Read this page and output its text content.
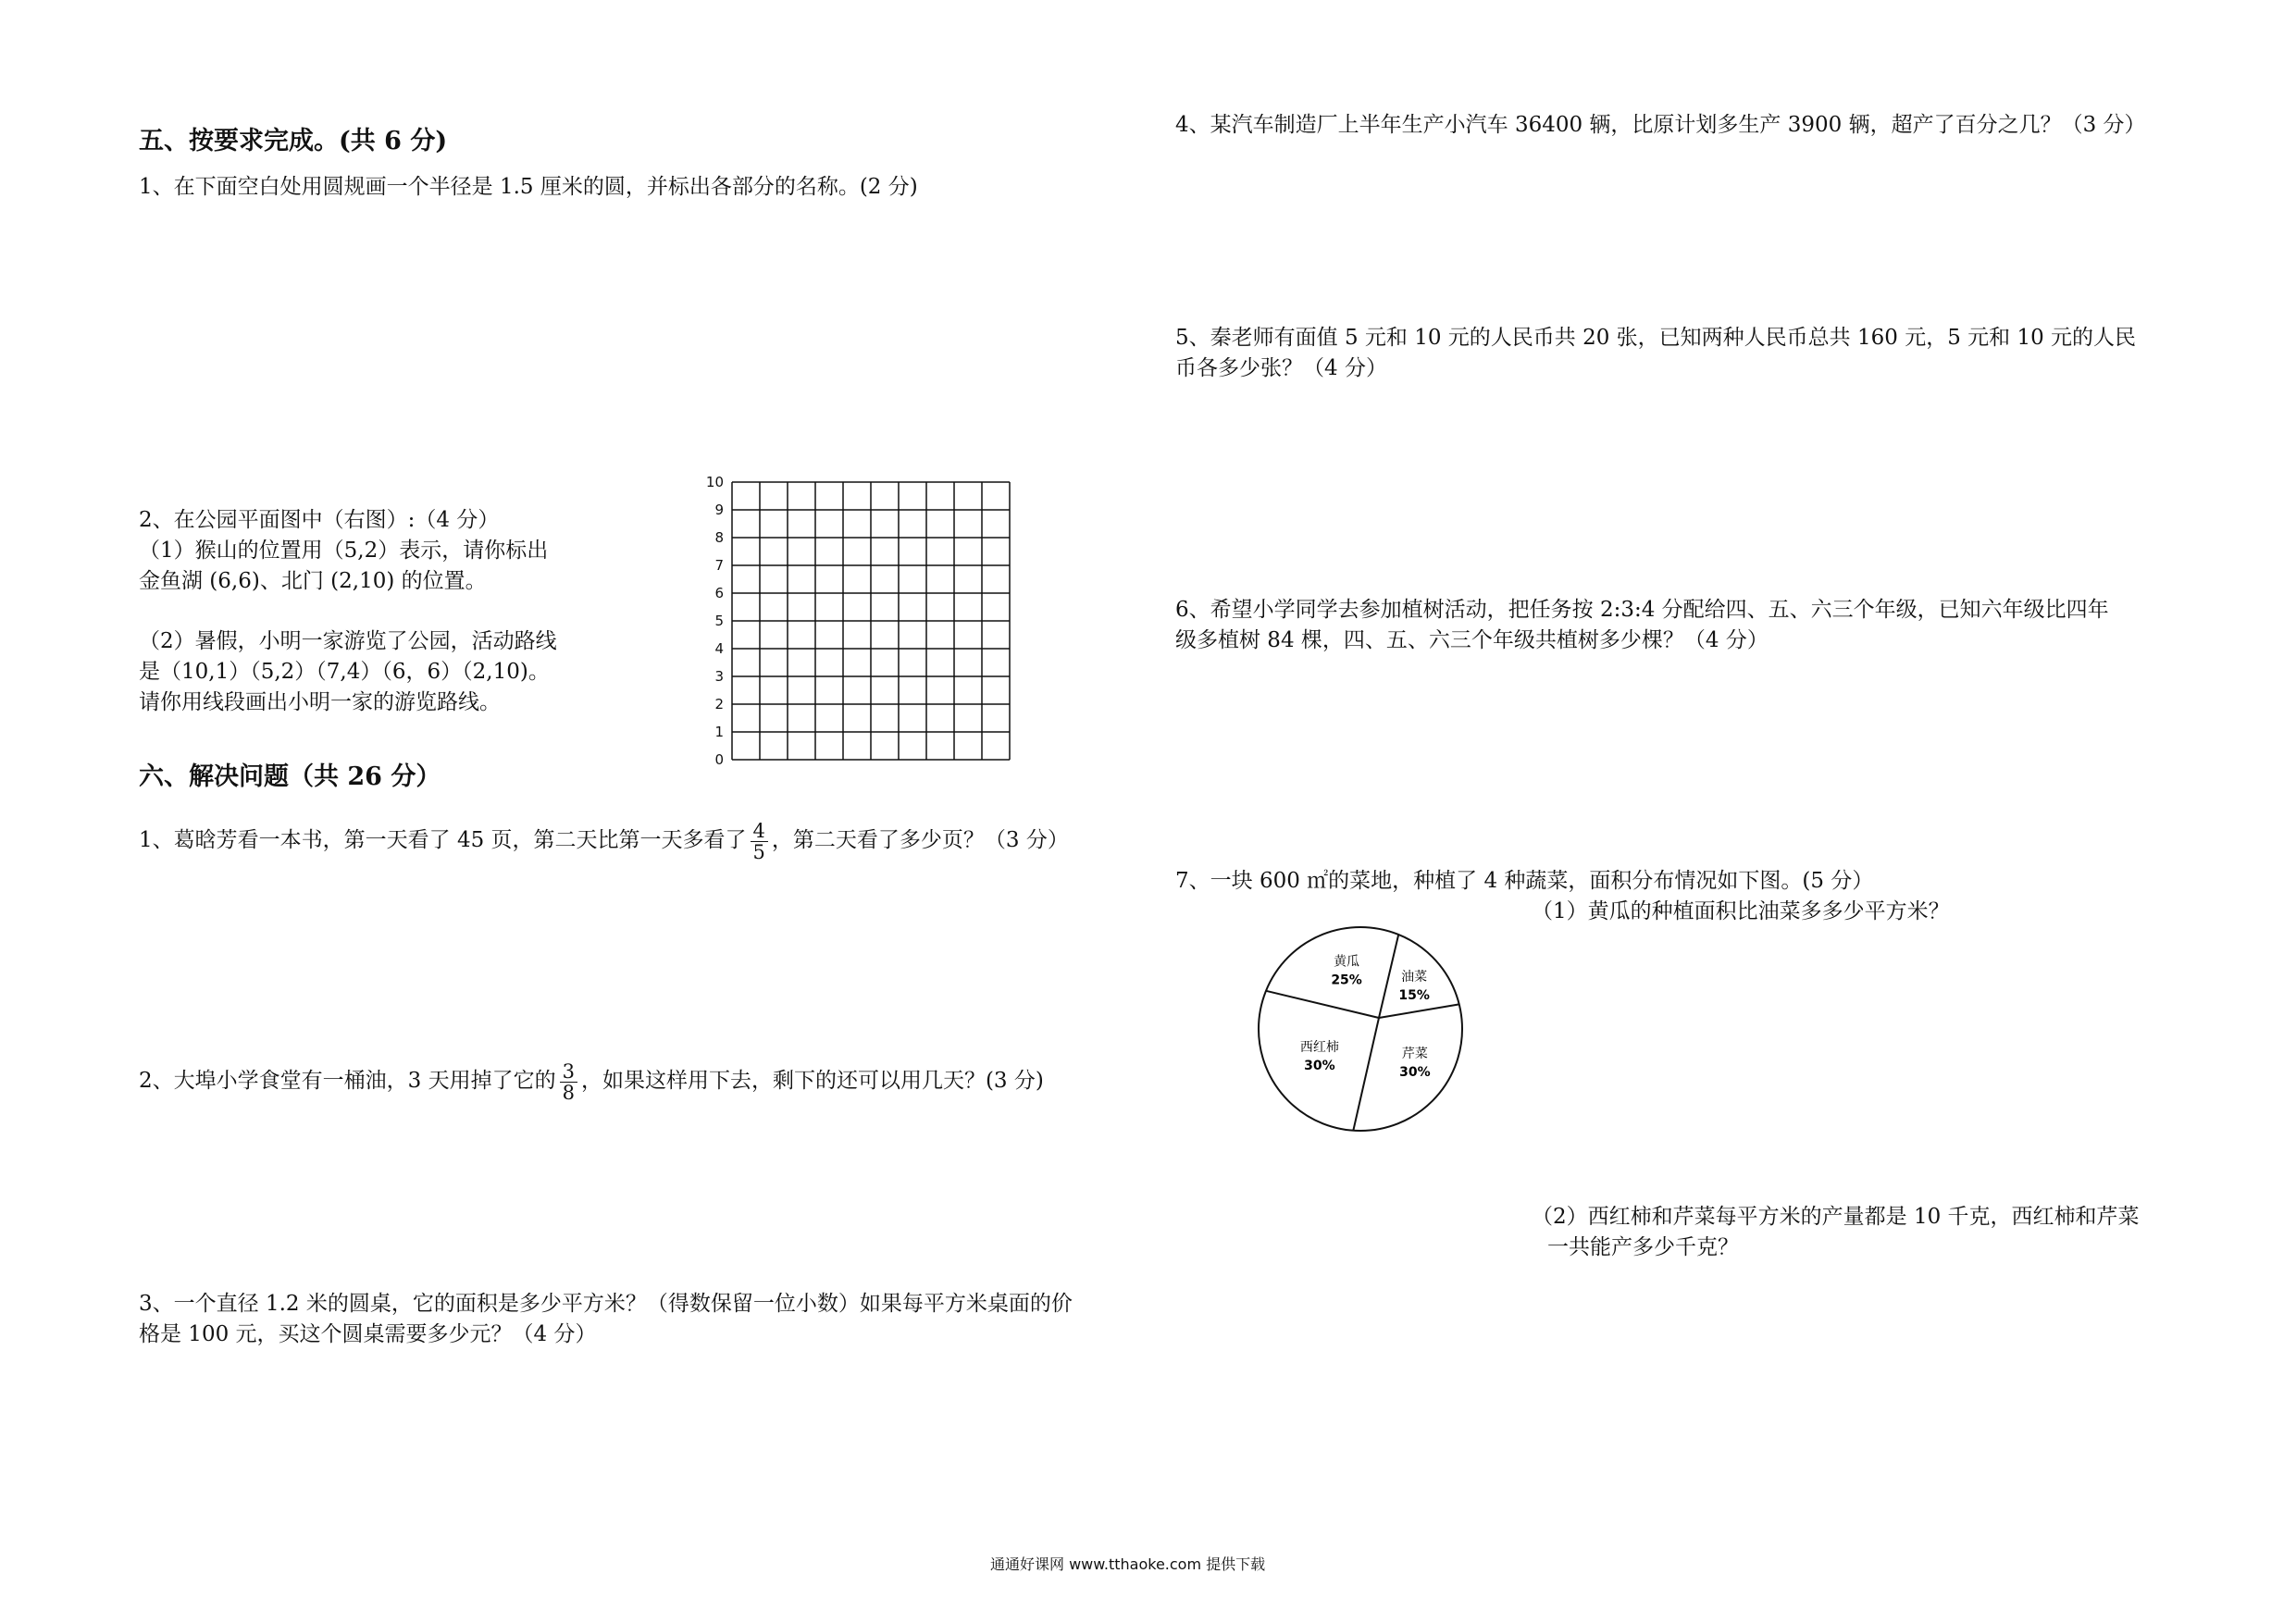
五、按要求完成。(共 6 分)
1、在下面空白处用圆规画一个半径是 1.5 厘米的圆，并标出各部分的名称。(2 分)
2、在公园平面图中（右图）:（4 分）
（1）猴山的位置用（5,2）表示，请你标出
金鱼湖 (6,6)、北门 (2,10) 的位置。
（2）暑假，小明一家游览了公园，活动路线
是（10,1）（5,2）（7,4）（6，6）（2,10)。
请你用线段画出小明一家的游览路线。
10
9
8
7
6
5
4
3
2
1
0
六、解决问题（共 26 分）
1、葛晗芳看一本书，第一天看了 45 页，第二天比第一天多看了 $\frac{4}{5}$ ，第二天看了多少页？（3 分）
2、大埠小学食堂有一桶油，3 天用掉了它的 $\frac{3}{8}$ ，如果这样用下去，剩下的还可以用几天？(3 分)
3、一个直径 1.2 米的圆桌，它的面积是多少平方米？（得数保留一位小数）如果每平方米桌面的价
格是 100 元，买这个圆桌需要多少元？（4 分）
4、某汽车制造厂上半年生产小汽车 36400 辆，比原计划多生产 3900 辆，超产了百分之几？（3 分）
5、秦老师有面值 5 元和 10 元的人民币共 20 张，已知两种人民币总共 160 元，5 元和 10 元的人民
币各多少张？（4 分）
6、希望小学同学去参加植树活动，把任务按 2:3:4 分配给四、五、六三个年级，已知六年级比四年
级多植树 84 棵，四、五、六三个年级共植树多少棵？（4 分）
7、一块 600 ㎡的菜地，种植了 4 种蔬菜，面积分布情况如下图。(5 分）
（1）黄瓜的种植面积比油菜多多少平方米？
黄瓜
25%	油菜
15%
芹菜
30%
西红柿
30%
（2）西红柿和芹菜每平方米的产量都是 10 千克，西红柿和芹菜
一共能产多少千克？
通通好课网 www.tthaoke.com 提供下载
